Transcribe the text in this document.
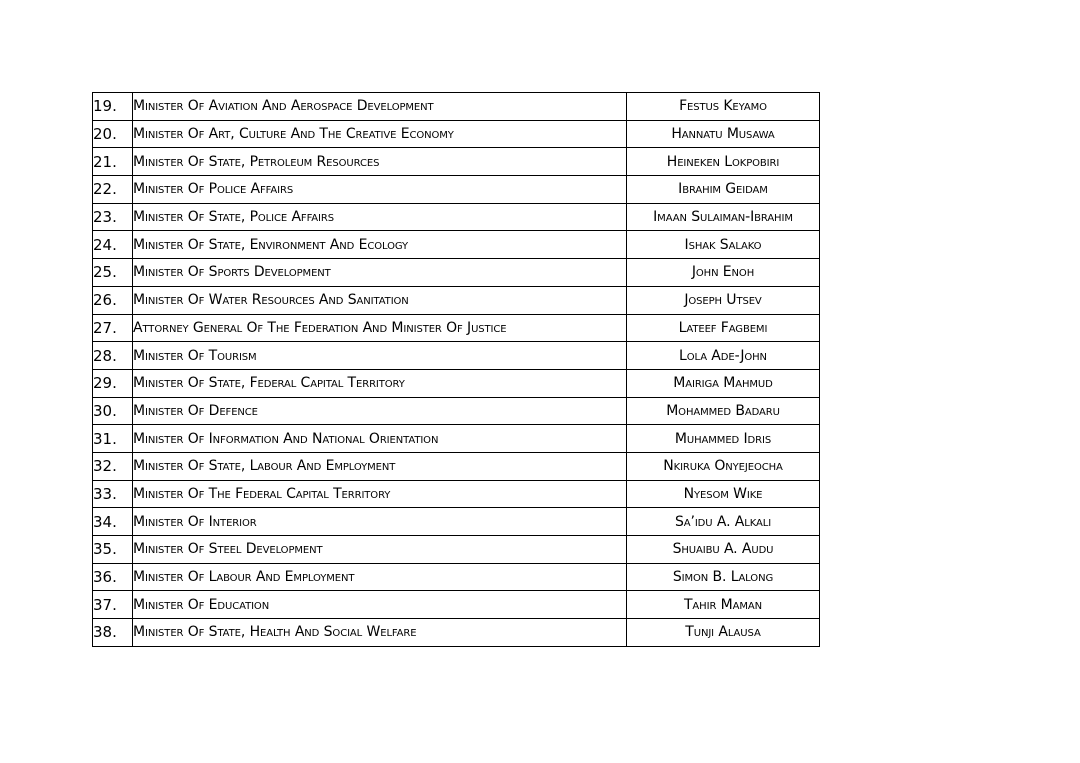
19.	Minister Of Aviation And Aerospace Development	Festus Keyamo
20.	Minister Of Art, Culture And The Creative Economy	Hannatu Musawa
21.	Minister Of State, Petroleum Resources	Heineken Lokpobiri
22.	Minister Of Police Affairs	Ibrahim Geidam
23.	Minister Of State, Police Affairs	Imaan Sulaiman-Ibrahim
24.	Minister Of State, Environment And Ecology	Ishak Salako
25.	Minister Of Sports Development	John Enoh
26.	Minister Of Water Resources And Sanitation	Joseph Utsev
27.	Attorney General Of The Federation And Minister Of Justice	Lateef Fagbemi
28.	Minister Of Tourism	Lola Ade-John
29.	Minister Of State, Federal Capital Territory	Mairiga Mahmud
30.	Minister Of Defence	Mohammed Badaru
31.	Minister Of Information And National Orientation	Muhammed Idris
32.	Minister Of State, Labour And Employment	Nkiruka Onyejeocha
33.	Minister Of The Federal Capital Territory	Nyesom Wike
34.	Minister Of Interior	Sa’idu A. Alkali
35.	Minister Of Steel Development	Shuaibu A. Audu
36.	Minister Of Labour And Employment	Simon B. Lalong
37.	Minister Of Education	Tahir Maman
38.	Minister Of State, Health And Social Welfare	Tunji Alausa
